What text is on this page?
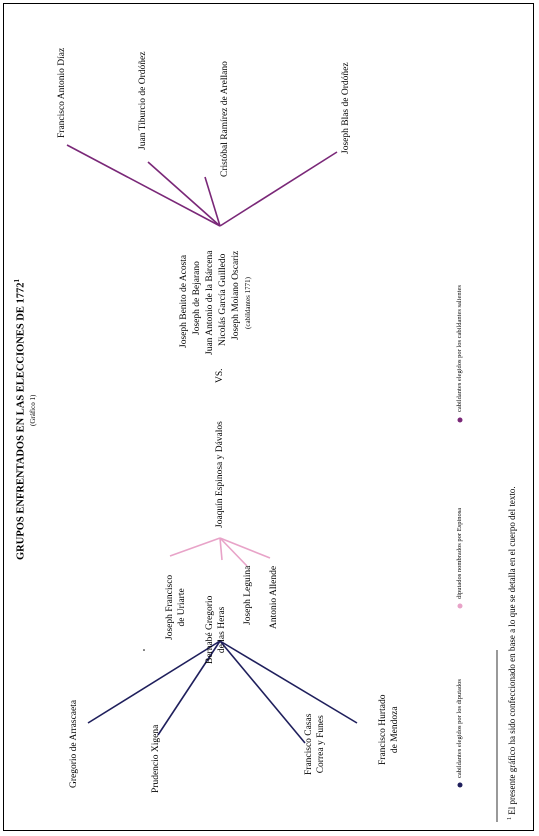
GRUPOS ENFRENTADOS EN LAS ELECCIONES DE 1772$^1$
(Gráfico 1)
Joaquín Espinosa y Dávalos
VS.
Joseph Benito de Acosta Joseph de Bejarano Juan Antonio de la Bárcena Nicolás García Guilledo Joseph Moiano Oscariz (cabildantes 1771)
Francisco Antonio Díaz	Juan Tiburcio de Ordóñez	Cristóbal Ramírez de Arellano	Joseph Blas de Ordóñez
Joseph Francisco de Uriarte Bernabé Gregorio de las Heras
Joseph Leguina Antonio Allende
Gregorio de Arrascaeta	Prudencio Xigena	Francisco Casas Correa y Funes	Francisco Hurtado de Mendoza	cabildantes elegidos por los diputados
diputados nombrados por Espinosa
cabildantes elegidos por los cabildantes salientes
$^1$ El presente gráfico ha sido confeccionado en base a lo que se detalla en el cuerpo del texto.
